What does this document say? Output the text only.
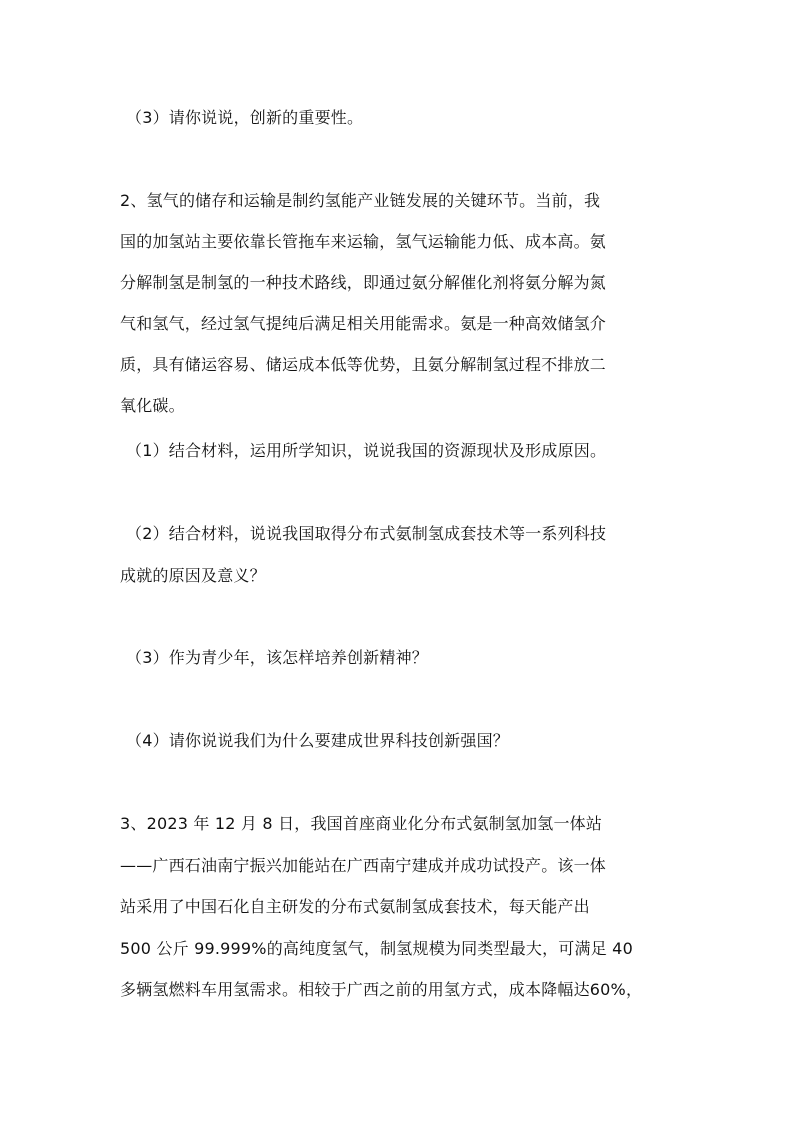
（3）请你说说，创新的重要性。
2、氢气的储存和运输是制约氢能产业链发展的关键环节。当前，我
国的加氢站主要依靠长管拖车来运输，氢气运输能力低、成本高。氨
分解制氢是制氢的一种技术路线，即通过氨分解催化剂将氨分解为氮
气和氢气，经过氢气提纯后满足相关用能需求。氨是一种高效储氢介
质，具有储运容易、储运成本低等优势，且氨分解制氢过程不排放二
氧化碳。
（1）结合材料，运用所学知识，说说我国的资源现状及形成原因。
（2）结合材料，说说我国取得分布式氨制氢成套技术等一系列科技
成就的原因及意义？
（3）作为青少年，该怎样培养创新精神？
（4）请你说说我们为什么要建成世界科技创新强国？
3、2023 年 12 月 8 日，我国首座商业化分布式氨制氢加氢一体站
——广西石油南宁振兴加能站在广西南宁建成并成功试投产。该一体
站采用了中国石化自主研发的分布式氨制氢成套技术，每天能产出
500 公斤 99.999%的高纯度氢气，制氢规模为同类型最大，可满足 40
多辆氢燃料车用氢需求。相较于广西之前的用氢方式，成本降幅达60%，
